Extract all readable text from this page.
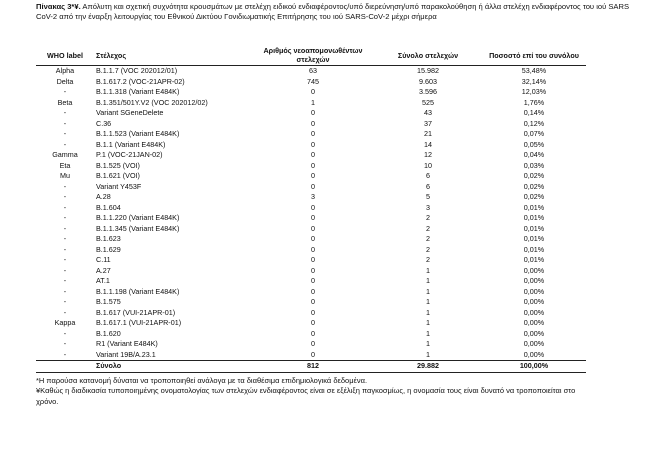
Πίνακας 3*¥. Απόλυτη και σχετική συχνότητα κρουσμάτων με στελέχη ειδικού ενδιαφέροντος/υπό διερεύνηση/υπό παρακολούθηση ή άλλα στελέχη ενδιαφέροντος του ιού SARS CoV-2 από την έναρξη λειτουργίας του Εθνικού Δικτύου Γονιδιωματικής Επιτήρησης του ιού SARS-CoV-2 μέχρι σήμερα

WHO label	Στέλεχος	Αριθμός νεοαπομονωθέντων στελεχών	Σύνολο στελεχών	Ποσοστό επί του συνόλου
Alpha	B.1.1.7 (VOC 202012/01)	63	15.982	53,48%
Delta	B.1.617.2 (VOC-21APR-02)	745	9.603	32,14%
-	B.1.1.318 (Variant E484K)	0	3.596	12,03%
Beta	B.1.351/501Y.V2 (VOC 202012/02)	1	525	1,76%
-	Variant SGeneDelete	0	43	0,14%
-	C.36	0	37	0,12%
-	B.1.1.523 (Variant E484K)	0	21	0,07%
-	B.1.1 (Variant E484K)	0	14	0,05%
Gamma	P.1 (VOC-21JAN-02)	0	12	0,04%
Eta	B.1.525 (VOI)	0	10	0,03%
Mu	B.1.621 (VOI)	0	6	0,02%
-	Variant Y453F	0	6	0,02%
-	A.28	3	5	0,02%
-	B.1.604	0	3	0,01%
-	B.1.1.220 (Variant E484K)	0	2	0,01%
-	B.1.1.345 (Variant E484K)	0	2	0,01%
-	B.1.623	0	2	0,01%
-	B.1.629	0	2	0,01%
-	C.11	0	2	0,01%
-	A.27	0	1	0,00%
-	AT.1	0	1	0,00%
-	B.1.1.198 (Variant E484K)	0	1	0,00%
-	B.1.575	0	1	0,00%
-	B.1.617 (VUI-21APR-01)	0	1	0,00%
Kappa	B.1.617.1 (VUI-21APR-01)	0	1	0,00%
-	B.1.620	0	1	0,00%
-	R1 (Variant E484K)	0	1	0,00%
-	Variant 19B/A.23.1	0	1	0,00%
	Σύνολο	812	29.882	100,00%

*Η παρούσα κατανομή δύναται να τροποποιηθεί ανάλογα με τα διαθέσιμα επιδημιολογικά δεδομένα.

¥Καθώς η διαδικασία τυποποιημένης ονοματολογίας των στελεχών ενδιαφέροντος είναι σε εξέλιξη παγκοσμίως, η ονομασία τους είναι δυνατό να τροποποιείται στο χρόνο.
